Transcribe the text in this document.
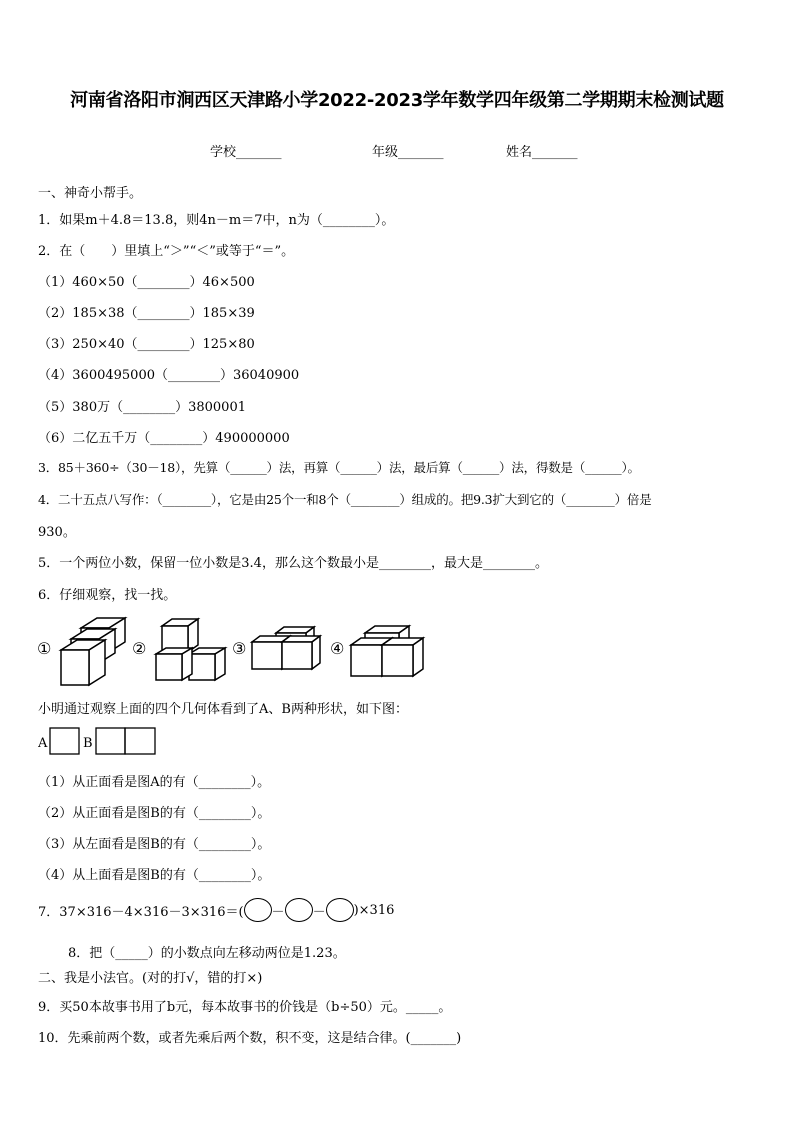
河南省洛阳市涧西区天津路小学2022-2023学年数学四年级第二学期期末检测试题
学校_______	年级_______	姓名_______
一、神奇小帮手。
1．如果m＋4.8＝13.8，则4n－m＝7中，n为（________）。
2．在（　　）里填上“＞”“＜”或等于“＝”。
（1）460×50（________）46×500
（2）185×38（________）185×39
（3）250×40（________）125×80
（4）3600495000（________）36040900
（5）380万（________）3800001
（6）二亿五千万（________）490000000
3．85＋360÷（30－18），先算（______）法，再算（______）法，最后算（______）法，得数是（______）。
4．二十五点八写作：（________），它是由25个一和8个（________）组成的。把9.3扩大到它的（________）倍是
930。
5．一个两位小数，保留一位小数是3.4，那么这个数最小是________，最大是________。
6．仔细观察，找一找。
①	②	③	④
小明通过观察上面的四个几何体看到了A、B两种形状，如下图：
A	B
（1）从正面看是图A的有（________）。
（2）从正面看是图B的有（________）。
（3）从左面看是图B的有（________）。
（4）从上面看是图B的有（________）。
7．37×316－4×316－3×316＝( － － )×316
8．把（_____）的小数点向左移动两位是1.23。
二、我是小法官。(对的打√，错的打×)
9．买50本故事书用了b元，每本故事书的价钱是（b÷50）元。_____。
10．先乘前两个数，或者先乘后两个数，积不变，这是结合律。(_______)
